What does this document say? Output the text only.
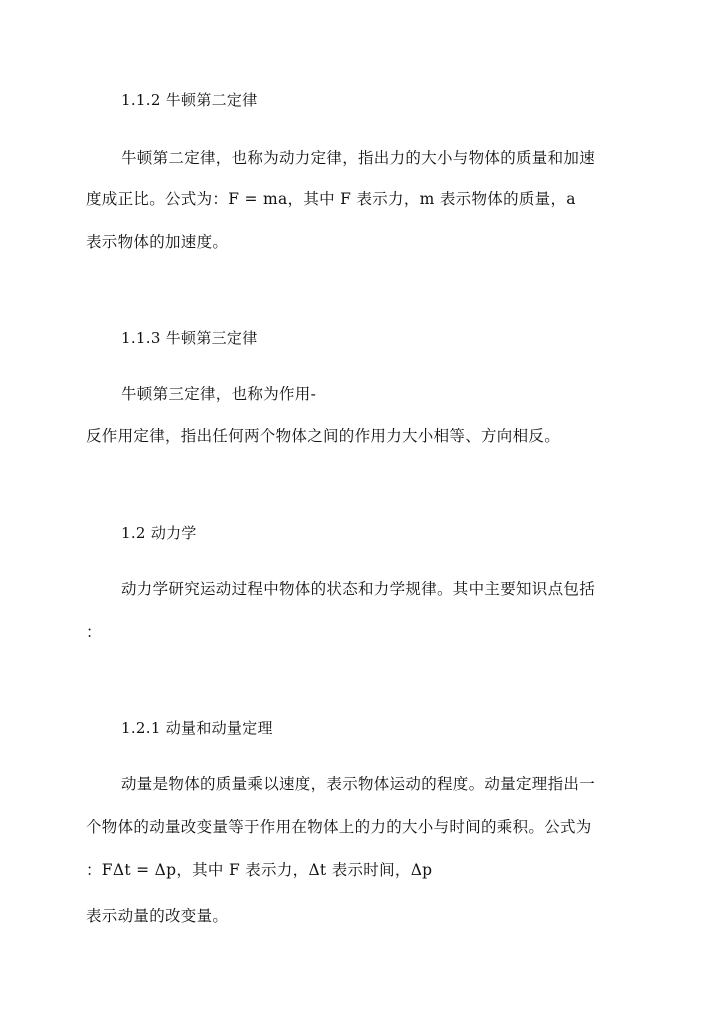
1.1.2 牛顿第二定律
牛顿第二定律，也称为动力定律，指出力的大小与物体的质量和加速
度成正比。公式为：F = ma，其中 F 表示力，m 表示物体的质量，a
表示物体的加速度。
1.1.3 牛顿第三定律
牛顿第三定律，也称为作用-
反作用定律，指出任何两个物体之间的作用力大小相等、方向相反。
1.2 动力学
动力学研究运动过程中物体的状态和力学规律。其中主要知识点包括
：
1.2.1 动量和动量定理
动量是物体的质量乘以速度，表示物体运动的程度。动量定理指出一
个物体的动量改变量等于作用在物体上的力的大小与时间的乘积。公式为
：FΔt = Δp，其中 F 表示力，Δt 表示时间，Δp
表示动量的改变量。
